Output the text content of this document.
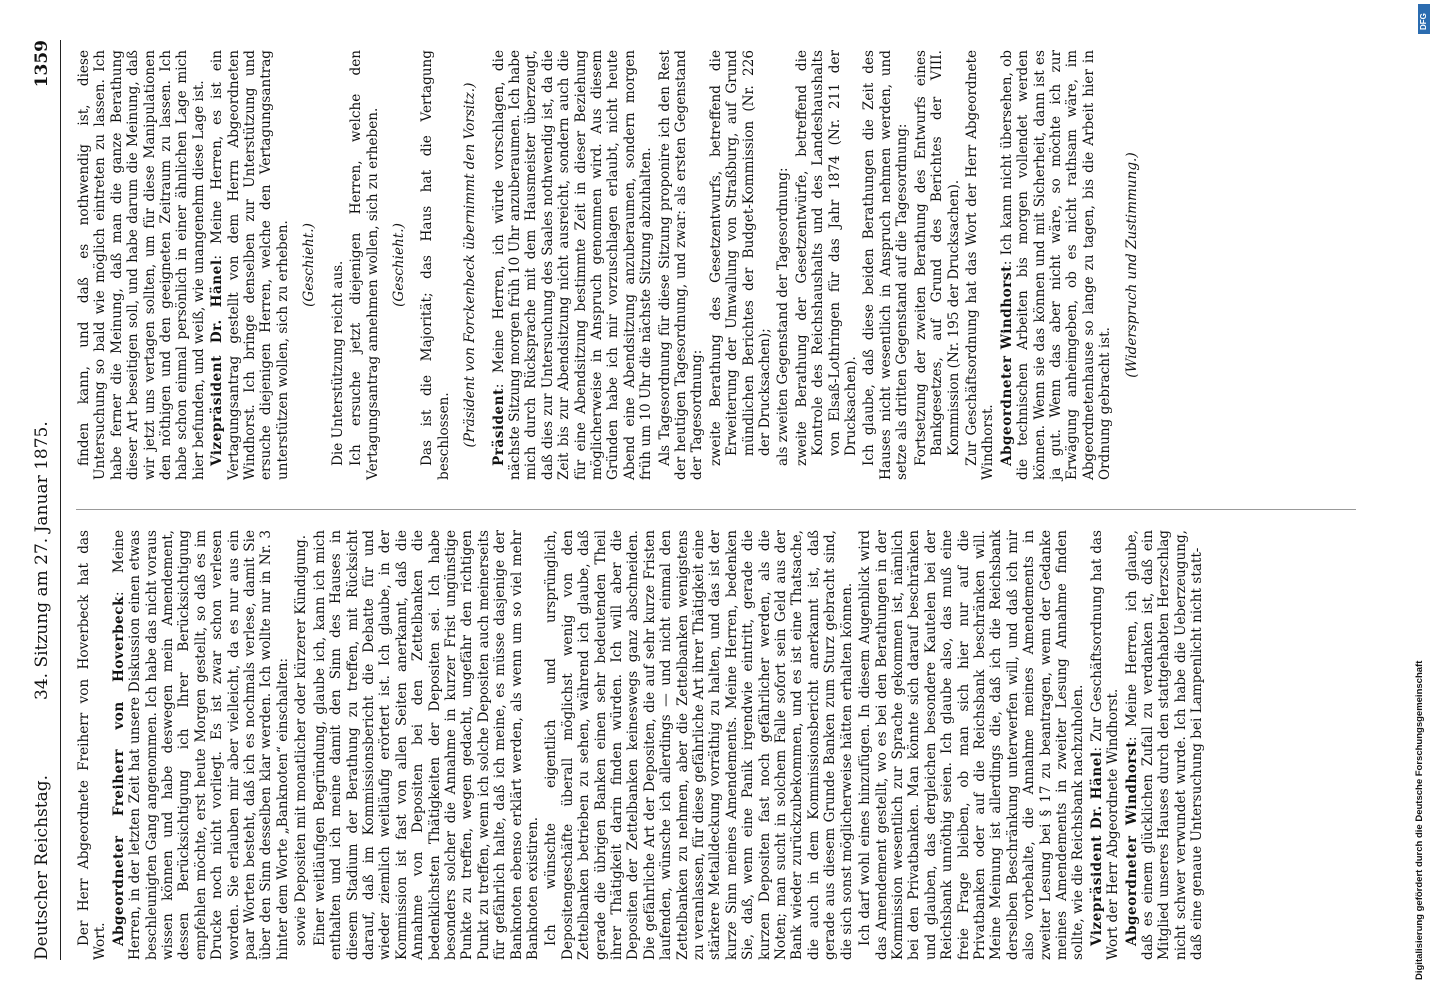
Deutscher Reichstag.
34. Sitzung am 27. Januar 1875.
1359

Der Herr Abgeordnete Freiherr von Hoverbeck hat das Wort. Abgeordneter Freiherr von Hoverbeck: Meine Herren, in der letzten Zeit hat unsere Diskussion einen etwas beschleunigten Gang angenommen. Ich habe das nicht voraus wissen können und habe deswegen mein Amendement, dessen Berücksichtigung ich Ihrer Berücksichtigung empfehlen möchte, erst heute Morgen gestellt, so daß es im Drucke noch nicht vorliegt. Es ist zwar schon verlesen worden. Sie erlauben mir aber vielleicht, da es nur aus ein paar Worten besteht, daß ich es nochmals verlese, damit Sie über den Sinn desselben klar werden. Ich wollte nur in Nr. 3 hinter dem Worte „Banknoten“ einschalten: sowie Depositen mit monatlicher oder kürzerer Kündigung. Einer weitläufigen Begründung, glaube ich, kann ich mich enthalten und ich meine damit den Sinn des Hauses in diesem Stadium der Berathung zu treffen, mit Rücksicht darauf, daß im Kommissionsbericht die Debatte für und wieder ziemlich weitläufig erörtert ist. Ich glaube, in der Kommission ist fast von allen Seiten anerkannt, daß die Annahme von Depositen bei den Zettelbanken die bedenklichsten Thätigkeiten der Depositen sei. Ich habe besonders solcher die Annahme in kurzer Frist ungünstige Punkte zu treffen, wegen gedacht, ungefähr den richtigen Punkt zu treffen, wenn ich solche Depositen auch meinerseits für gefährlich halte, daß ich meine, es müsse dasjenige der Banknoten ebenso erklärt werden, als wenn um so viel mehr Banknoten existiren. Ich wünschte eigentlich und ursprünglich, Depositengeschäfte überall möglichst wenig von den Zettelbanken betrieben zu sehen, während ich glaube, daß gerade die übrigen Banken einen sehr bedeutenden Theil ihrer Thätigkeit darin finden würden. Ich will aber die Depositen der Zettelbanken keineswegs ganz abschneiden. Die gefährliche Art der Depositen, die auf sehr kurze Fristen laufenden, wünsche ich allerdings — und nicht einmal den Zettelbanken zu nehmen, aber die Zettelbanken wenigstens zu veranlassen, für diese gefährliche Art ihrer Thätigkeit eine stärkere Metalldeckung vorräthig zu halten, und das ist der kurze Sinn meines Amendements. Meine Herren, bedenken Sie, daß, wenn eine Panik irgendwie eintritt, gerade die kurzen Depositen fast noch gefährlicher werden, als die Noten; man sucht in solchem Falle sofort sein Geld aus der Bank wieder zurückzubekommen, und es ist eine Thatsache, die auch in dem Kommissionsbericht anerkannt ist, daß gerade aus diesem Grunde Banken zum Sturz gebracht sind, die sich sonst möglicherweise hätten erhalten können. Ich darf wohl eines hinzufügen. In diesem Augenblick wird das Amendement gestellt, wo es bei den Berathungen in der Kommission wesentlich zur Sprache gekommen ist, nämlich bei den Privatbanken. Man könnte sich darauf beschränken und glauben, das dergleichen besondere Kautelen bei der Reichsbank unnöthig seien. Ich glaube also, das muß eine freie Frage bleiben, ob man sich hier nur auf die Privatbanken oder auf die Reichsbank beschränken will. Meine Meinung ist allerdings die, daß ich die Reichsbank derselben Beschränkung unterwerfen will, und daß ich mir also vorbehalte, die Annahme meines Amendements in zweiter Lesung bei § 17 zu beantragen, wenn der Gedanke meines Amendements in zweiter Lesung Annahme finden sollte, wie die Reichsbank nachzuholen. Vizepräsident Dr. Hänel: Zur Geschäftsordnung hat das Wort der Herr Abgeordnete Windhorst. Abgeordneter Windhorst: Meine Herren, ich glaube, daß es einem glücklichen Zufall zu verdanken ist, daß ein Mitglied unseres Hauses durch den stattgehabten Herzschlag nicht schwer verwundet wurde. Ich habe die Ueberzeugung, daß eine genaue Untersuchung bei Lampenlicht nicht statt-

finden kann, und daß es nothwendig ist, diese Untersuchung so bald wie möglich eintreten zu lassen. Ich habe ferner die Meinung, daß man die ganze Berathung dieser Art beseitigen soll, und habe darum die Meinung, daß wir jetzt uns vertagen sollten, um für diese Manipulationen den nöthigen und den geeigneten Zeitraum zu lassen. Ich habe schon einmal persönlich in einer ähnlichen Lage mich hier befunden, und weiß, wie unangenehm diese Lage ist. Vizepräsident Dr. Hänel: Meine Herren, es ist ein Vertagungsantrag gestellt von dem Herrn Abgeordneten Windhorst. Ich bringe denselben zur Unterstützung und ersuche diejenigen Herren, welche den Vertagungsantrag unterstützen wollen, sich zu erheben. (Geschieht.) Die Unterstützung reicht aus. Ich ersuche jetzt diejenigen Herren, welche den Vertagungsantrag annehmen wollen, sich zu erheben. (Geschieht.) Das ist die Majorität; das Haus hat die Vertagung beschlossen. (Präsident von Forckenbeck übernimmt den Vorsitz.) Präsident: Meine Herren, ich würde vorschlagen, die nächste Sitzung morgen früh 10 Uhr anzuberaumen. Ich habe mich durch Rücksprache mit dem Hausmeister überzeugt, daß dies zur Untersuchung des Saales nothwendig ist, da die Zeit bis zur Abendsitzung nicht ausreicht, sondern auch die für eine Abendsitzung bestimmte Zeit in dieser Beziehung möglicherweise in Anspruch genommen wird. Aus diesem Gründen habe ich mir vorzuschlagen erlaubt, nicht heute Abend eine Abendsitzung anzuberaumen, sondern morgen früh um 10 Uhr die nächste Sitzung abzuhalten. Als Tagesordnung für diese Sitzung proponire ich den Rest der heutigen Tagesordnung, und zwar: als ersten Gegenstand der Tagesordnung: zweite Berathung des Gesetzentwurfs, betreffend die Erweiterung der Umwallung von Straßburg, auf Grund mündlichen Berichtes der Budget-Kommission (Nr. 226 der Drucksachen); als zweiten Gegenstand der Tagesordnung: zweite Berathung der Gesetzentwürfe, betreffend die Kontrole des Reichshaushalts und des Landeshaushalts von Elsaß-Lothringen für das Jahr 1874 (Nr. 211 der Drucksachen). Ich glaube, daß diese beiden Berathungen die Zeit des Hauses nicht wesentlich in Anspruch nehmen werden, und setze als dritten Gegenstand auf die Tagesordnung: Fortsetzung der zweiten Berathung des Entwurfs eines Bankgesetzes, auf Grund des Berichtes der VIII. Kommission (Nr. 195 der Drucksachen). Zur Geschäftsordnung hat das Wort der Herr Abgeordnete Windhorst. Abgeordneter Windhorst: Ich kann nicht übersehen, ob die technischen Arbeiten bis morgen vollendet werden können. Wenn sie das können und mit Sicherheit, dann ist es ja gut. Wenn das aber nicht wäre, so möchte ich zur Erwägung anheimgeben, ob es nicht rathsam wäre, im Abgeordnetenhause so lange zu tagen, bis die Arbeit hier in Ordnung gebracht ist.

(Widerspruch und Zustimmung.)

Digitalisierung gefördert durch die Deutsche Forschungsgemeinschaft
DFG
